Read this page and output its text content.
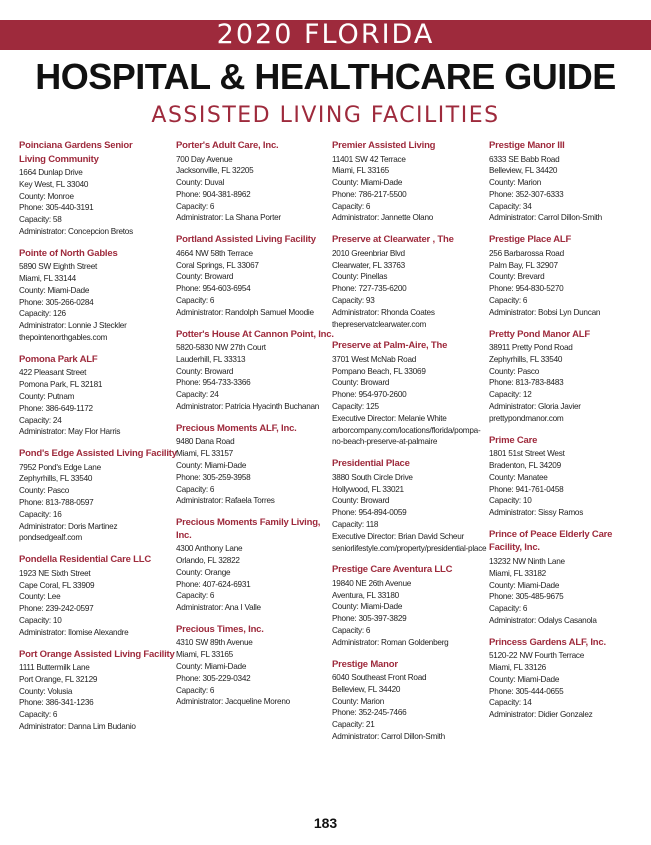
2020 FLORIDA
HOSPITAL & HEALTHCARE GUIDE
ASSISTED LIVING FACILITIES
Poinciana Gardens Senior
Living Community
1664 Dunlap Drive
Key West, FL 33040
County: Monroe
Phone: 305-440-3191
Capacity: 58
Administrator: Concepcion Bretos
Pointe of North Gables
5890 SW Eighth Street
Miami, FL 33144
County: Miami-Dade
Phone: 305-266-0284
Capacity: 126
Administrator: Lonnie J Steckler
thepointenorthgables.com
Pomona Park ALF
422 Pleasant Street
Pomona Park, FL 32181
County: Putnam
Phone: 386-649-1172
Capacity: 24
Administrator: May Flor Harris
Pond's Edge Assisted Living Facility
7952 Pond's Edge Lane
Zephyrhills, FL 33540
County: Pasco
Phone: 813-788-0597
Capacity: 16
Administrator: Doris Martinez
pondsedgealf.com
Pondella Residential Care LLC
1923 NE Sixth Street
Cape Coral, FL 33909
County: Lee
Phone: 239-242-0597
Capacity: 10
Administrator: Ilomise Alexandre
Port Orange Assisted Living Facility
1111 Buttermilk Lane
Port Orange, FL 32129
County: Volusia
Phone: 386-341-1236
Capacity: 6
Administrator: Danna Lim Budanio
Porter's Adult Care, Inc.
700 Day Avenue
Jacksonville, FL 32205
County: Duval
Phone: 904-381-8962
Capacity: 6
Administrator: La Shana Porter
Portland Assisted Living Facility
4664 NW 58th Terrace
Coral Springs, FL 33067
County: Broward
Phone: 954-603-6954
Capacity: 6
Administrator: Randolph Samuel Moodie
Potter's House At Cannon Point, Inc.
5820-5830 NW 27th Court
Lauderhill, FL 33313
County: Broward
Phone: 954-733-3366
Capacity: 24
Administrator: Patricia Hyacinth Buchanan
Precious Moments ALF, Inc.
9480 Dana Road
Miami, FL 33157
County: Miami-Dade
Phone: 305-259-3958
Capacity: 6
Administrator: Rafaela Torres
Precious Moments Family Living, Inc.
4300 Anthony Lane
Orlando, FL 32822
County: Orange
Phone: 407-624-6931
Capacity: 6
Administrator: Ana I Valle
Precious Times, Inc.
4310 SW 89th Avenue
Miami, FL 33165
County: Miami-Dade
Phone: 305-229-0342
Capacity: 6
Administrator: Jacqueline Moreno
Premier Assisted Living
11401 SW 42 Terrace
Miami, FL 33165
County: Miami-Dade
Phone: 786-217-5500
Capacity: 6
Administrator: Jannette Olano
Preserve at Clearwater , The
2010 Greenbriar Blvd
Clearwater, FL 33763
County: Pinellas
Phone: 727-735-6200
Capacity: 93
Administrator: Rhonda Coates
thepreservatclearwater.com
Preserve at Palm-Aire, The
3701 West McNab Road
Pompano Beach, FL 33069
County: Broward
Phone: 954-970-2600
Capacity: 125
Executive Director: Melanie White
arborcompany.com/locations/florida/pompa-
no-beach-preserve-at-palmaire
Presidential Place
3880 South Circle Drive
Hollywood, FL 33021
County: Broward
Phone: 954-894-0059
Capacity: 118
Executive Director: Brian David Scheur
seniorlifestyle.com/property/presidential-place
Prestige Care Aventura LLC
19840 NE 26th Avenue
Aventura, FL 33180
County: Miami-Dade
Phone: 305-397-3829
Capacity: 6
Administrator: Roman Goldenberg
Prestige Manor
6040 Southeast Front Road
Belleview, FL 34420
County: Marion
Phone: 352-245-7466
Capacity: 21
Administrator: Carrol Dillon-Smith
Prestige Manor III
6333 SE Babb Road
Belleview, FL 34420
County: Marion
Phone: 352-307-6333
Capacity: 34
Administrator: Carrol Dillon-Smith
Prestige Place ALF
256 Barbarossa Road
Palm Bay, FL 32907
County: Brevard
Phone: 954-830-5270
Capacity: 6
Administrator: Bobsi Lyn Duncan
Pretty Pond Manor ALF
38911 Pretty Pond Road
Zephyrhills, FL 33540
County: Pasco
Phone: 813-783-8483
Capacity: 12
Administrator: Gloria Javier
prettypondmanor.com
Prime Care
1801 51st Street West
Bradenton, FL 34209
County: Manatee
Phone: 941-761-0458
Capacity: 10
Administrator: Sissy Ramos
Prince of Peace Elderly Care
Facility, Inc.
13232 NW Ninth Lane
Miami, FL 33182
County: Miami-Dade
Phone: 305-485-9675
Capacity: 6
Administrator: Odalys Casanola
Princess Gardens ALF, Inc.
5120-22 NW Fourth Terrace
Miami, FL 33126
County: Miami-Dade
Phone: 305-444-0655
Capacity: 14
Administrator: Didier Gonzalez
183
